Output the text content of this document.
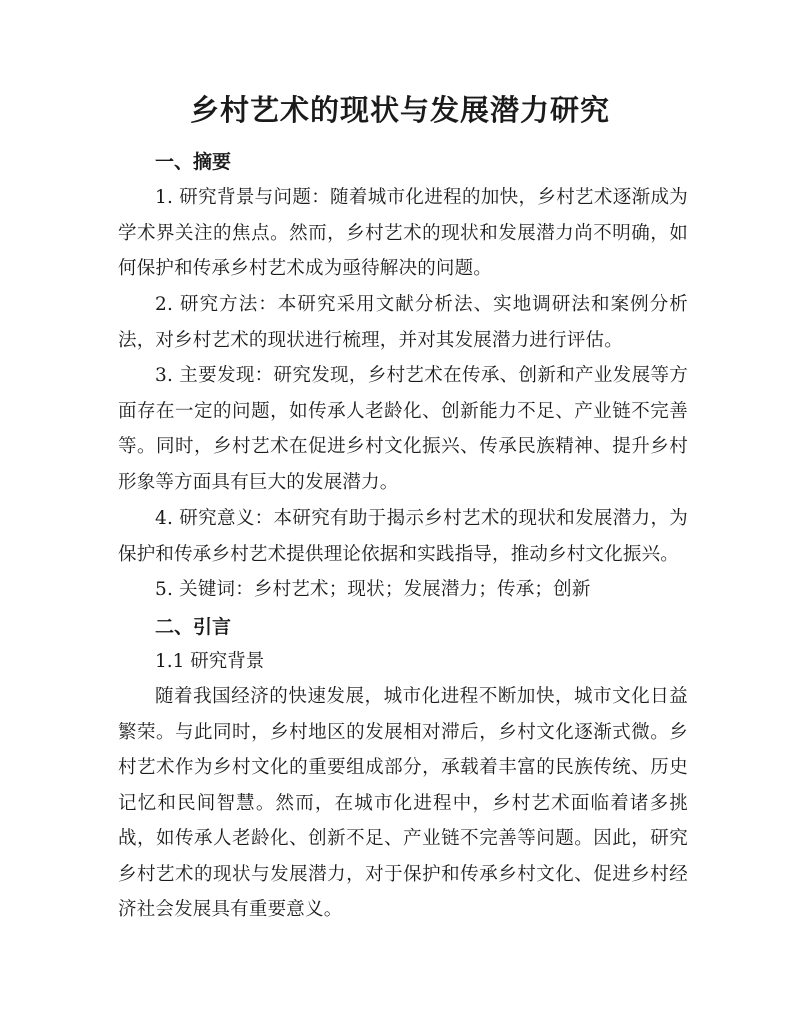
乡村艺术的现状与发展潜力研究
一、摘要

1. 研究背景与问题：随着城市化进程的加快，乡村艺术逐渐成为学术界关注的焦点。然而，乡村艺术的现状和发展潜力尚不明确，如何保护和传承乡村艺术成为亟待解决的问题。

2. 研究方法：本研究采用文献分析法、实地调研法和案例分析法，对乡村艺术的现状进行梳理，并对其发展潜力进行评估。

3. 主要发现：研究发现，乡村艺术在传承、创新和产业发展等方面存在一定的问题，如传承人老龄化、创新能力不足、产业链不完善等。同时，乡村艺术在促进乡村文化振兴、传承民族精神、提升乡村形象等方面具有巨大的发展潜力。

4. 研究意义：本研究有助于揭示乡村艺术的现状和发展潜力，为保护和传承乡村艺术提供理论依据和实践指导，推动乡村文化振兴。

5. 关键词：乡村艺术；现状；发展潜力；传承；创新

二、引言

1.1 研究背景

随着我国经济的快速发展，城市化进程不断加快，城市文化日益繁荣。与此同时，乡村地区的发展相对滞后，乡村文化逐渐式微。乡村艺术作为乡村文化的重要组成部分，承载着丰富的民族传统、历史记忆和民间智慧。然而，在城市化进程中，乡村艺术面临着诸多挑战，如传承人老龄化、创新不足、产业链不完善等问题。因此，研究乡村艺术的现状与发展潜力，对于保护和传承乡村文化、促进乡村经济社会发展具有重要意义。
